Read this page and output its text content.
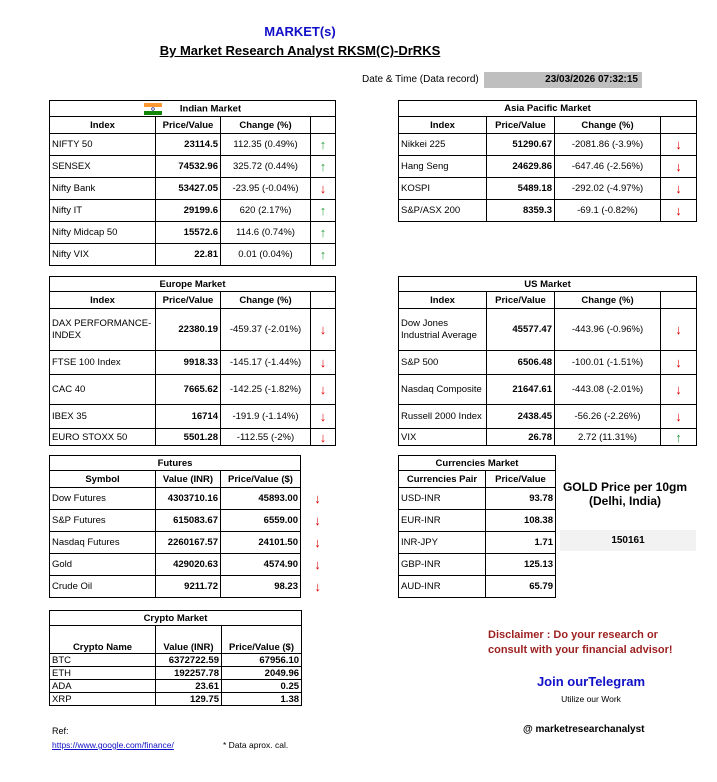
MARKET(s)
By Market Research Analyst RKSM(C)-DrRKS
Date & Time (Data record)	23/03/2026 07:32:15
Indian Market			
Index	Price/Value	Change (%)	
NIFTY 50	23114.5	112.35 (0.49%)	↑
SENSEX	74532.96	325.72 (0.44%)	↑
Nifty Bank	53427.05	-23.95 (-0.04%)	↓
Nifty IT	29199.6	620 (2.17%)	↑
Nifty Midcap 50	15572.6	114.6 (0.74%)	↑
Nifty VIX	22.81	0.01 (0.04%)	↑
Asia Pacific Market			
Index	Price/Value	Change (%)	
Nikkei 225	51290.67	-2081.86 (-3.9%)	↓
Hang Seng	24629.86	-647.46 (-2.56%)	↓
KOSPI	5489.18	-292.02 (-4.97%)	↓
S&P/ASX 200	8359.3	-69.1 (-0.82%)	↓
Europe Market			
Index	Price/Value	Change (%)	
DAX PERFORMANCE-INDEX	22380.19	-459.37 (-2.01%)	↓
FTSE 100 Index	9918.33	-145.17 (-1.44%)	↓
CAC 40	7665.62	-142.25 (-1.82%)	↓
IBEX 35	16714	-191.9 (-1.14%)	↓
EURO STOXX 50	5501.28	-112.55 (-2%)	↓
US Market			
Index	Price/Value	Change (%)	
Dow Jones Industrial Average	45577.47	-443.96 (-0.96%)	↓
S&P 500	6506.48	-100.01 (-1.51%)	↓
Nasdaq Composite	21647.61	-443.08 (-2.01%)	↓
Russell 2000 Index	2438.45	-56.26 (-2.26%)	↓
VIX	26.78	2.72 (11.31%)	↑
Futures			
Symbol	Value (INR)	Price/Value ($)	
Dow Futures	4303710.16	45893.00	↓
S&P Futures	615083.67	6559.00	↓
Nasdaq Futures	2260167.57	24101.50	↓
Gold	429020.63	4574.90	↓
Crude Oil	9211.72	98.23	↓
Currencies Market	
Currencies Pair	Price/Value
USD-INR	93.78
EUR-INR	108.38
INR-JPY	1.71
GBP-INR	125.13
AUD-INR	65.79
GOLD Price per 10gm (Delhi, India)
150161
Crypto Market		
Crypto Name	Value (INR)	Price/Value ($)
BTC	6372722.59	67956.10
ETH	192257.78	2049.96
ADA	23.61	0.25
XRP	129.75	1.38
Ref:
https://www.google.com/finance/	* Data aprox. cal.
Disclaimer : Do your research or consult with your financial advisor!
Join ourTelegram
Utilize our Work
@ marketresearchanalyst
